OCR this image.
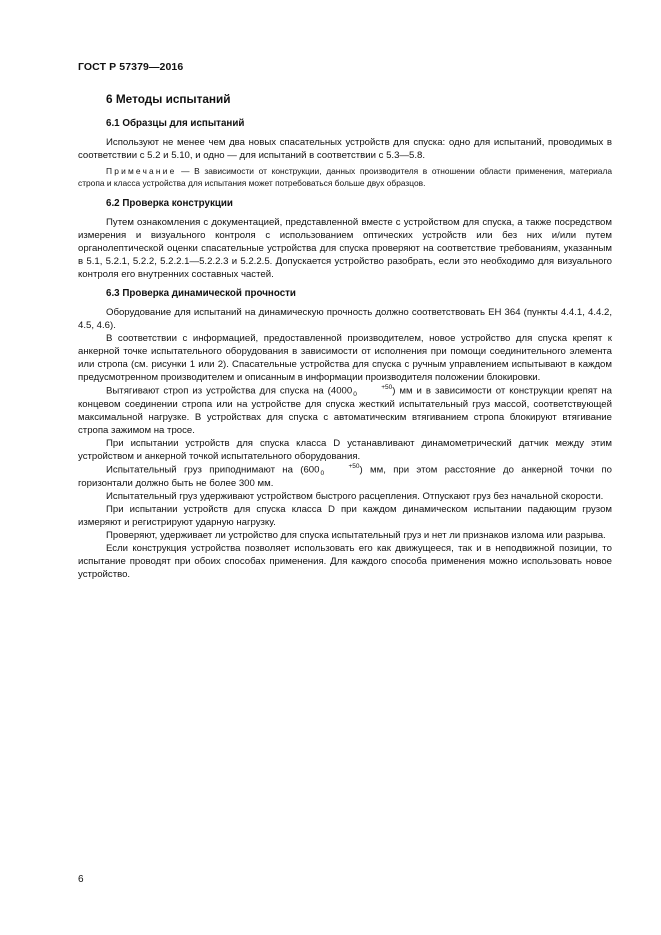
ГОСТ Р 57379—2016
6 Методы испытаний
6.1 Образцы для испытаний

Используют не менее чем два новых спасательных устройств для спуска: одно для испытаний, проводимых в соответствии с 5.2 и 5.10, и одно — для испытаний в соответствии с 5.3—5.8.

Примечание — В зависимости от конструкции, данных производителя в отношении области применения, материала стропа и класса устройства для испытания может потребоваться больше двух образцов.
6.2 Проверка конструкции

Путем ознакомления с документацией, представленной вместе с устройством для спуска, а также посредством измерения и визуального контроля с использованием оптических устройств или без них и/или путем органолептической оценки спасательные устройства для спуска проверяют на соответствие требованиям, указанным в 5.1, 5.2.1, 5.2.2, 5.2.2.1—5.2.2.3 и 5.2.2.5. Допускается устройство разобрать, если это необходимо для визуального контроля его внутренних составных частей.

6.3 Проверка динамической прочности

Оборудование для испытаний на динамическую прочность должно соответствовать ЕН 364 (пункты 4.4.1, 4.4.2, 4.5, 4.6).

В соответствии с информацией, предоставленной производителем, новое устройство для спуска крепят к анкерной точке испытательного оборудования в зависимости от исполнения при помощи соединительного элемента или стропа (см. рисунки 1 или 2). Спасательные устройства для спуска с ручным управлением испытывают в каждом предусмотренном производителем и описанным в информации производителя положении блокировки.

Вытягивают строп из устройства для спуска на (4000	+50
0	) мм и в зависимости от конструкции крепят на концевом соединении стропа или на устройстве для спуска жесткий испытательный груз массой, соответствующей максимальной нагрузке. В устройствах для спуска с автоматическим втягиванием стропа блокируют втягивание стропа зажимом на тросе.

При испытании устройств для спуска класса D устанавливают динамометрический датчик между этим устройством и анкерной точкой испытательного оборудования.

Испытательный груз приподнимают на (600	+50
0	) мм, при этом расстояние до анкерной точки по горизонтали должно быть не более 300 мм.

Испытательный груз удерживают устройством быстрого расцепления. Отпускают груз без начальной скорости.

При испытании устройств для спуска класса D при каждом динамическом испытании падающим грузом измеряют и регистрируют ударную нагрузку.

Проверяют, удерживает ли устройство для спуска испытательный груз и нет ли признаков излома или разрыва.

Если конструкция устройства позволяет использовать его как движущееся, так и в неподвижной позиции, то испытание проводят при обоих способах применения. Для каждого способа применения можно использовать новое устройство.

6
